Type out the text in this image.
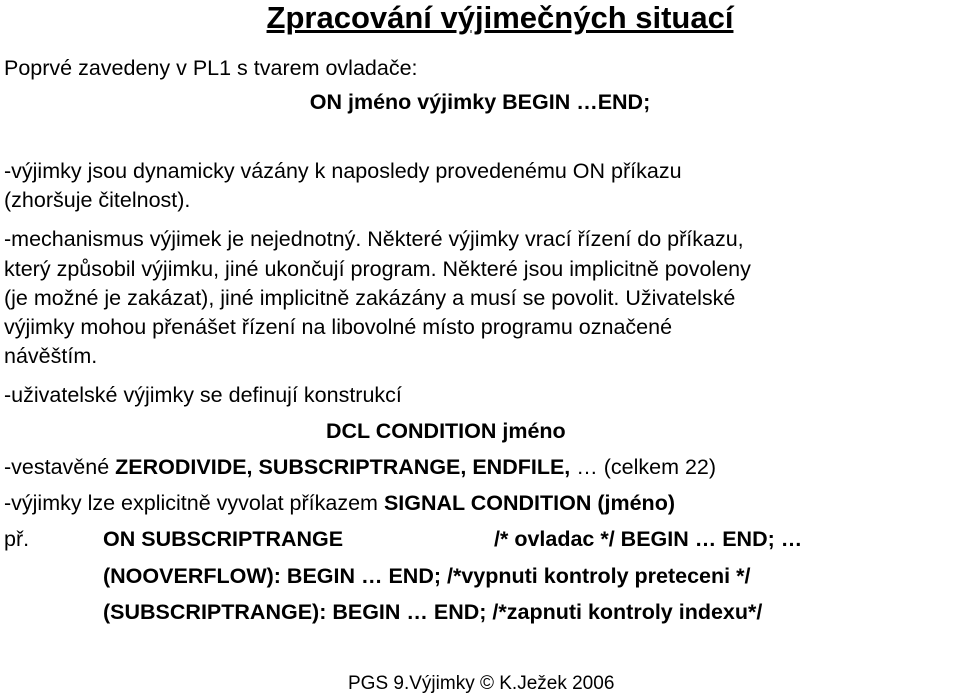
Zpracování výjimečných situací
Poprvé zavedeny v PL1 s tvarem ovladače:
ON jméno výjimky BEGIN …END;
-výjimky jsou dynamicky vázány k naposledy provedenému ON příkazu
(zhoršuje čitelnost).
-mechanismus výjimek je nejednotný. Některé výjimky vrací řízení do příkazu,
který způsobil výjimku, jiné ukončují program. Některé jsou implicitně povoleny
(je možné je zakázat), jiné implicitně zakázány a musí se povolit. Uživatelské
výjimky mohou přenášet řízení na libovolné místo programu označené
návěštím.
-uživatelské výjimky se definují konstrukcí
DCL CONDITION jméno
-vestavěné ZERODIVIDE, SUBSCRIPTRANGE, ENDFILE, … (celkem 22)
-výjimky lze explicitně vyvolat příkazem SIGNAL CONDITION (jméno)
př.	ON SUBSCRIPTRANGE	/* ovladac */ BEGIN … END; …
(NOOVERFLOW): BEGIN … END; /*vypnuti kontroly preteceni */
(SUBSCRIPTRANGE): BEGIN … END; /*zapnuti kontroly indexu*/
PGS 9.Výjimky © K.Ježek 2006
